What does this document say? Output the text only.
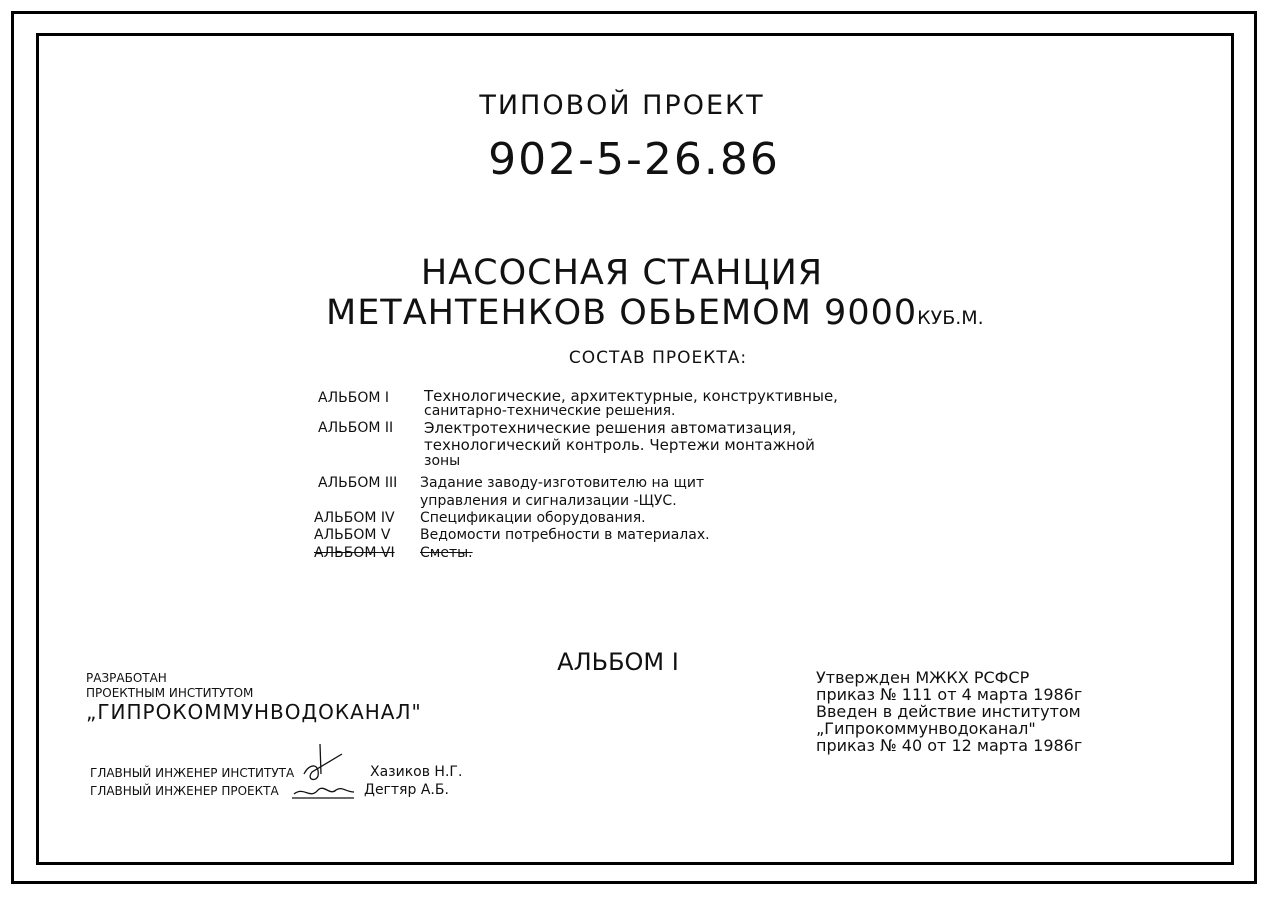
ТИПОВОЙ ПРОЕКТ
902-5-26.86
НАСОСНАЯ СТАНЦИЯ
МЕТАНТЕНКОВ ОБЬЕМОМ 9000КУБ.М.
СОСТАВ ПРОЕКТА:
АЛЬБОМ I Технологические, архитектурные, конструктивные,
санитарно-технические решения.
АЛЬБОМ II Электротехнические решения автоматизация,
технологический контроль. Чертежи монтажной
зоны
АЛЬБОМ III Задание заводу-изготовителю на щит
управления и сигнализации -ЩУС.
АЛЬБОМ IV Спецификации оборудования.
АЛЬБОМ V Ведомости потребности в материалах.
АЛЬБОМ VI Сметы.
АЛЬБОМ I
РАЗРАБОТАН
ПРОЕКТНЫМ ИНСТИТУТОМ
„ГИПРОКОММУНВОДОКАНАЛ"
ГЛАВНЫЙ ИНЖЕНЕР ИНСТИТУТА	Хазиков Н.Г.
ГЛАВНЫЙ ИНЖЕНЕР ПРОЕКТА	Дегтяр А.Б.
Утвержден МЖКХ РСФСР
приказ № 111 от 4 марта 1986г
Введен в действие институтом
„Гипрокоммунводоканал"
приказ № 40 от 12 марта 1986г
